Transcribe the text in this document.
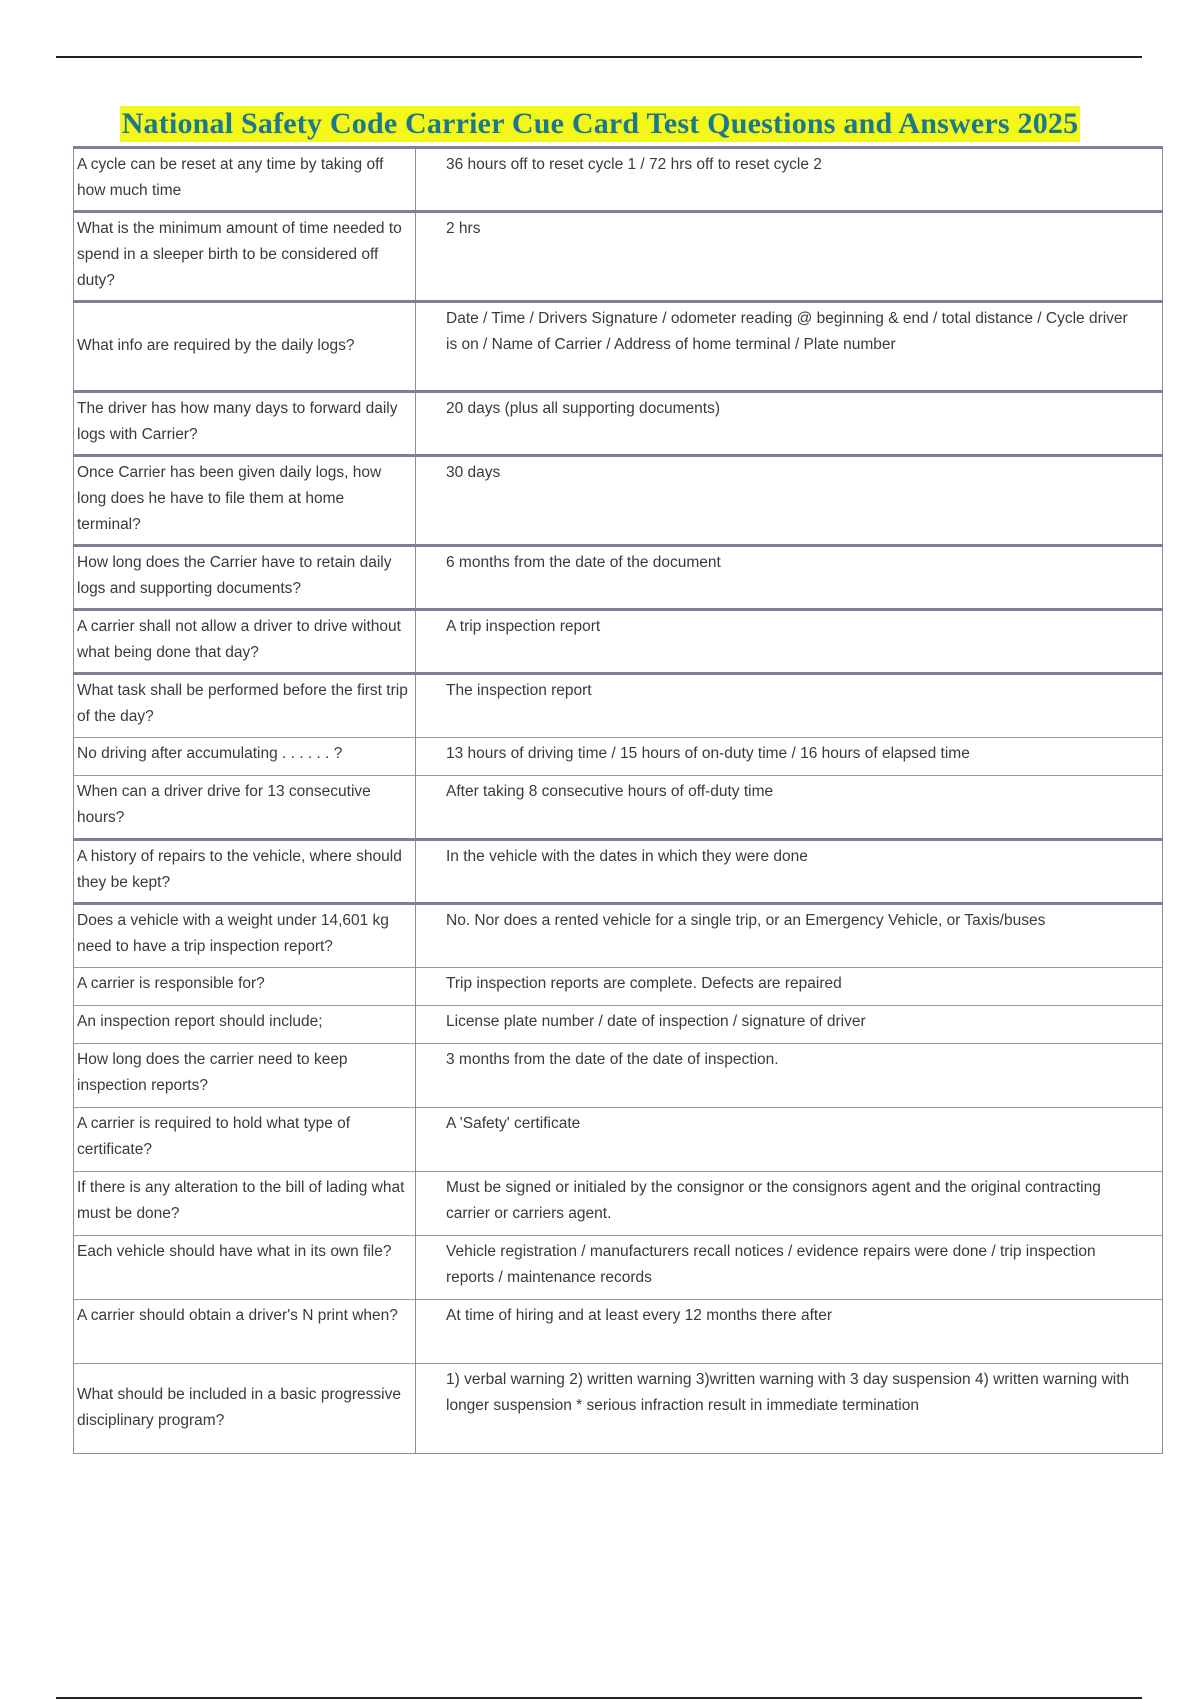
National Safety Code Carrier Cue Card Test Questions and Answers 2025
A cycle can be reset at any time by taking off how much time	36 hours off to reset cycle 1 / 72 hrs off to reset cycle 2
What is the minimum amount of time needed to spend in a sleeper birth to be considered off duty?	2 hrs
What info are required by the daily logs?	Date / Time / Drivers Signature / odometer reading @ beginning & end / total distance / Cycle driver is on / Name of Carrier / Address of home terminal / Plate number
The driver has how many days to forward daily logs with Carrier?	20 days (plus all supporting documents)
Once Carrier has been given daily logs, how long does he have to file them at home terminal?	30 days
How long does the Carrier have to retain daily logs and supporting documents?	6 months from the date of the document
A carrier shall not allow a driver to drive without what being done that day?	A trip inspection report
What task shall be performed before the first trip of the day?	The inspection report
No driving after accumulating . . . . . . ?	13 hours of driving time / 15 hours of on-duty time / 16 hours of elapsed time
When can a driver drive for 13 consecutive hours?	After taking 8 consecutive hours of off-duty time
A history of repairs to the vehicle, where should they be kept?	In the vehicle with the dates in which they were done
Does a vehicle with a weight under 14,601 kg need to have a trip inspection report?	No. Nor does a rented vehicle for a single trip, or an Emergency Vehicle, or Taxis/buses
A carrier is responsible for?	Trip inspection reports are complete. Defects are repaired
An inspection report should include;	License plate number / date of inspection / signature of driver
How long does the carrier need to keep inspection reports?	3 months from the date of the date of inspection.
A carrier is required to hold what type of certificate?	A 'Safety' certificate
If there is any alteration to the bill of lading what must be done?	Must be signed or initialed by the consignor or the consignors agent and the original contracting carrier or carriers agent.
Each vehicle should have what in its own file?	Vehicle registration / manufacturers recall notices / evidence repairs were done / trip inspection reports / maintenance records
A carrier should obtain a driver's N print when?	At time of hiring and at least every 12 months there after
What should be included in a basic progressive disciplinary program?	1) verbal warning 2) written warning 3)written warning with 3 day suspension 4) written warning with longer suspension * serious infraction result in immediate termination
